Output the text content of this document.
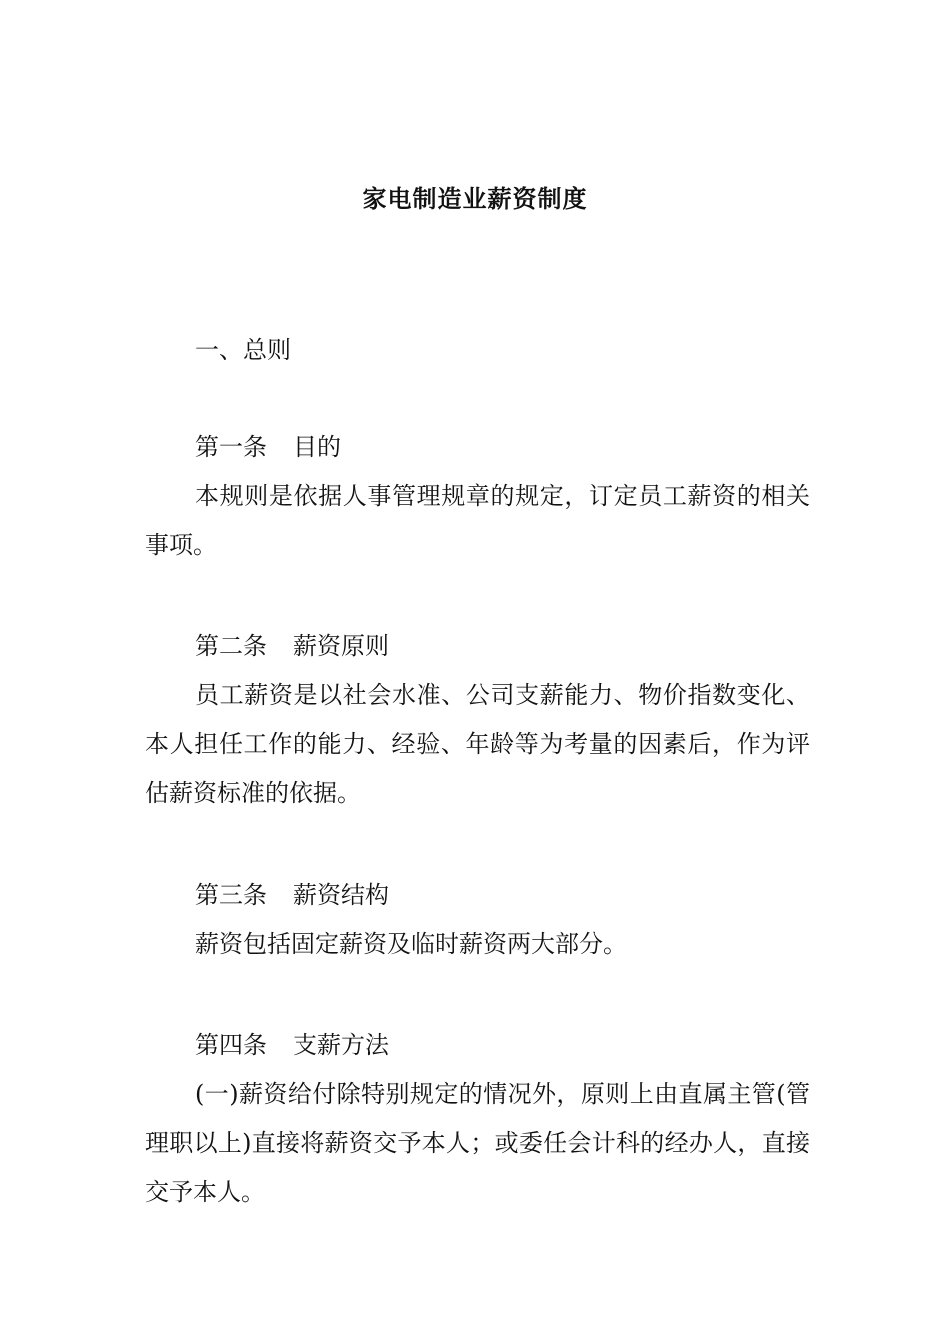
家电制造业薪资制度
一、总则
第一条 目的

本规则是依据人事管理规章的规定，订定员工薪资的相关事项。

第二条 薪资原则

员工薪资是以社会水准、公司支薪能力、物价指数变化、本人担任工作的能力、经验、年龄等为考量的因素后，作为评估薪资标准的依据。

第三条 薪资结构

薪资包括固定薪资及临时薪资两大部分。

第四条 支薪方法

(一)薪资给付除特别规定的情况外，原则上由直属主管(管理职以上)直接将薪资交予本人；或委任会计科的经办人，直接交予本人。
